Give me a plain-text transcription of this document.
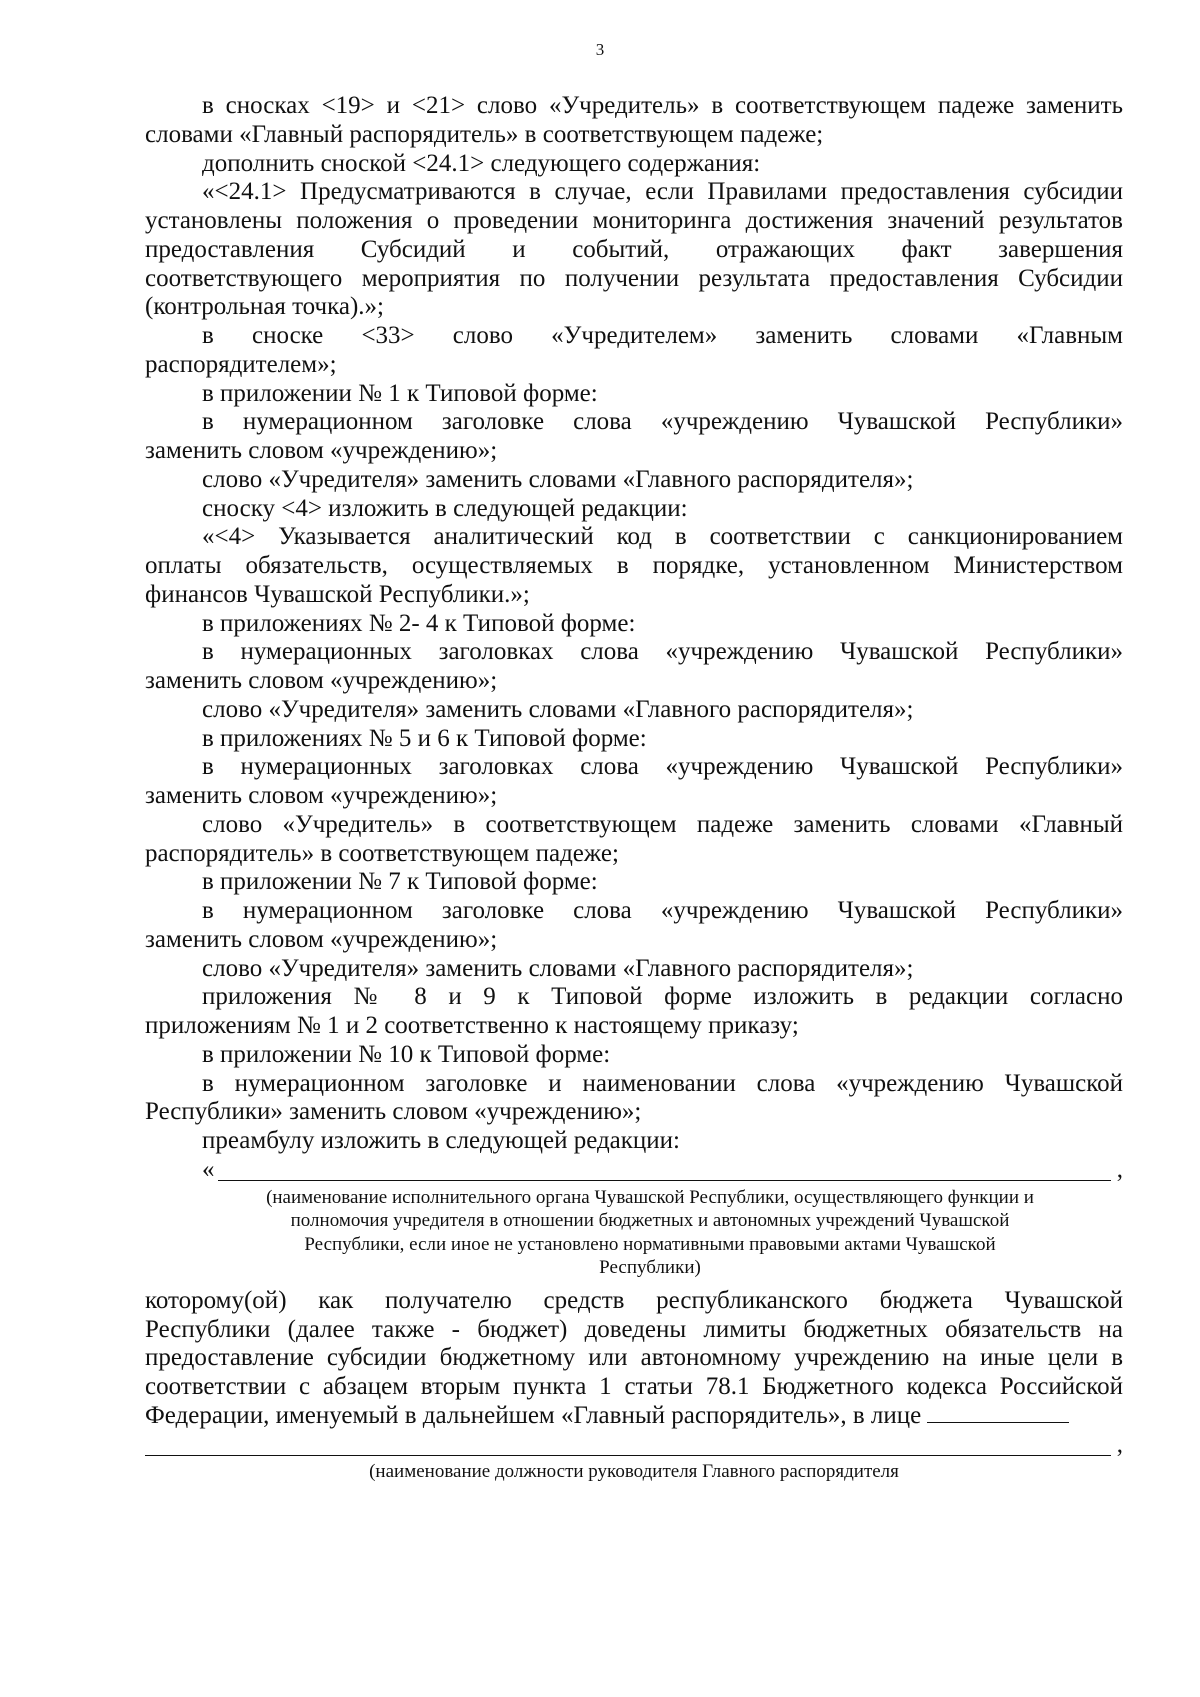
3
в сносках <19> и <21> слово «Учредитель» в соответствующем падеже заменить
словами «Главный распорядитель» в соответствующем падеже;
дополнить сноской <24.1> следующего содержания:
«<24.1> Предусматриваются в случае, если Правилами предоставления субсидии
установлены положения о проведении мониторинга достижения значений результатов
предоставления Субсидий и событий, отражающих факт завершения
соответствующего мероприятия по получении результата предоставления Субсидии
(контрольная точка).»;
в сноске <33> слово «Учредителем» заменить словами «Главным
распорядителем»;
в приложении № 1 к Типовой форме:
в нумерационном заголовке слова «учреждению Чувашской Республики»
заменить словом «учреждению»;
слово «Учредителя» заменить словами «Главного распорядителя»;
сноску <4> изложить в следующей редакции:
«<4> Указывается аналитический код в соответствии с санкционированием
оплаты обязательств, осуществляемых в порядке, установленном Министерством
финансов Чувашской Республики.»;
в приложениях № 2- 4 к Типовой форме:
в нумерационных заголовках слова «учреждению Чувашской Республики»
заменить словом «учреждению»;
слово «Учредителя» заменить словами «Главного распорядителя»;
в приложениях № 5 и 6 к Типовой форме:
в нумерационных заголовках слова «учреждению Чувашской Республики»
заменить словом «учреждению»;
слово «Учредитель» в соответствующем падеже заменить словами «Главный
распорядитель» в соответствующем падеже;
в приложении № 7 к Типовой форме:
в нумерационном заголовке слова «учреждению Чувашской Республики»
заменить словом «учреждению»;
слово «Учредителя» заменить словами «Главного распорядителя»;
приложения № 8 и 9 к Типовой форме изложить в редакции согласно
приложениям № 1 и 2 соответственно к настоящему приказу;
в приложении № 10 к Типовой форме:
в нумерационном заголовке и наименовании слова «учреждению Чувашской
Республики» заменить словом «учреждению»;
преамбулу изложить в следующей редакции:
«	,
(наименование исполнительного органа Чувашской Республики, осуществляющего функции и
полномочия учредителя в отношении бюджетных и автономных учреждений Чувашской
Республики, если иное не установлено нормативными правовыми актами Чувашской
Республики)
которому(ой) как получателю средств республиканского бюджета Чувашской
Республики (далее также - бюджет) доведены лимиты бюджетных обязательств на
предоставление субсидии бюджетному или автономному учреждению на иные цели в
соответствии с абзацем вторым пункта 1 статьи 78.1 Бюджетного кодекса Российской
Федерации, именуемый в дальнейшем «Главный распорядитель», в лице
,
(наименование должности руководителя Главного распорядителя
